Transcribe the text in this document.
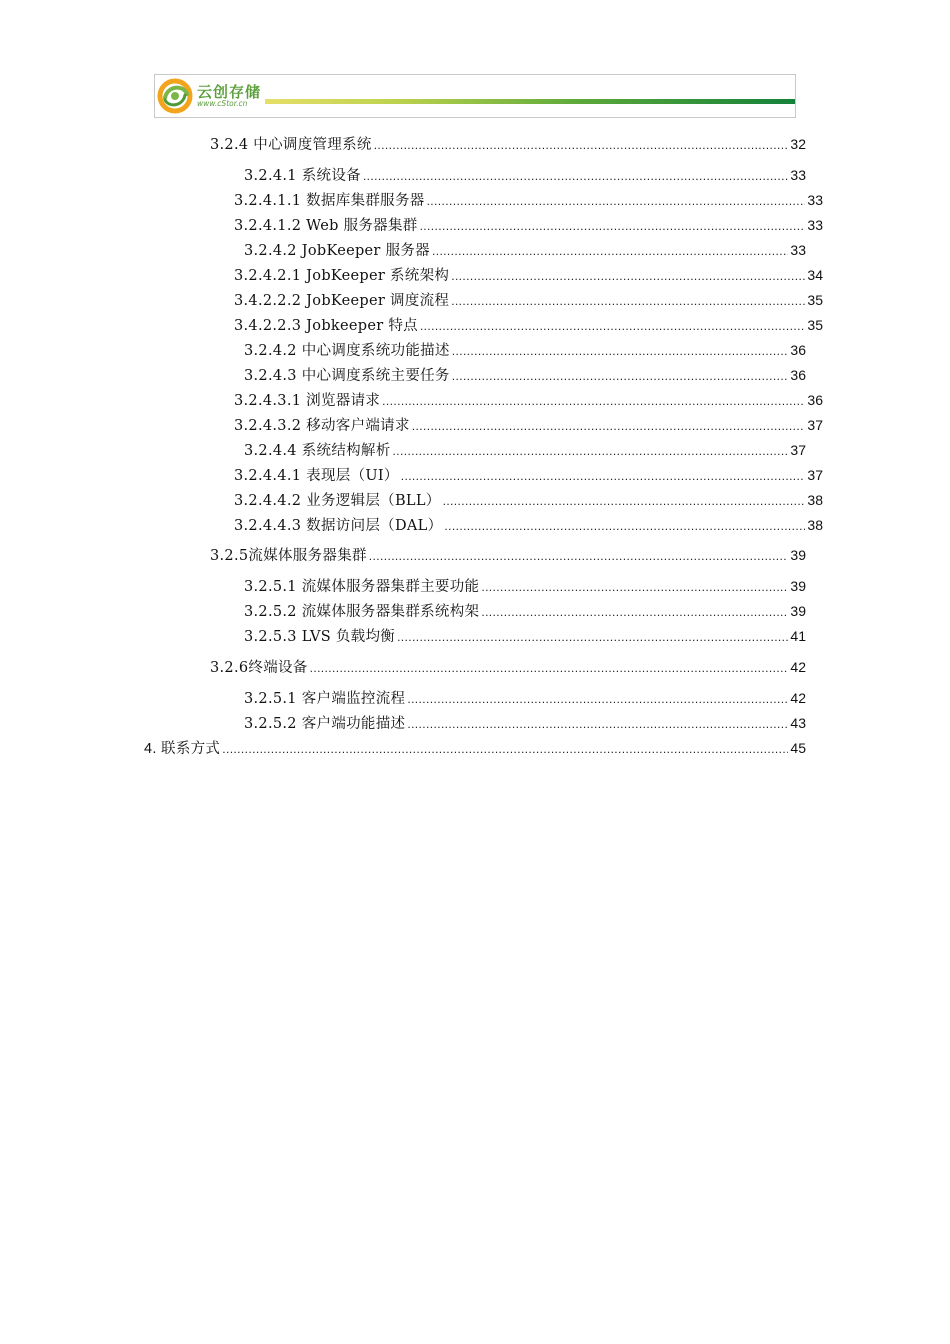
云创存储
www.cStor.cn
3.2.4 中心调度管理系统 .....	32
3.2.4.1 系统设备 .....	33
3.2.4.1.1 数据库集群服务器 .....	33
3.2.4.1.2 Web 服务器集群 .....	33
3.2.4.2 JobKeeper 服务器 .....	33
3.2.4.2.1 JobKeeper 系统架构 .....	34
3.4.2.2.2 JobKeeper 调度流程 .....	35
3.4.2.2.3 Jobkeeper 特点 .....	35
3.2.4.2 中心调度系统功能描述 .....	36
3.2.4.3 中心调度系统主要任务 .....	36
3.2.4.3.1 浏览器请求 .....	36
3.2.4.3.2 移动客户端请求 .....	37
3.2.4.4 系统结构解析 .....	37
3.2.4.4.1 表现层（UI） .....	37
3.2.4.4.2 业务逻辑层（BLL） .....	38
3.2.4.4.3 数据访问层（DAL） .....	38
3.2.5流媒体服务器集群 .....	39
3.2.5.1 流媒体服务器集群主要功能 .....	39
3.2.5.2 流媒体服务器集群系统构架 .....	39
3.2.5.3 LVS 负载均衡 .....	41
3.2.6终端设备 .....	42
3.2.5.1 客户端监控流程 .....	42
3.2.5.2 客户端功能描述 .....	43
4. 联系方式 .....	45
